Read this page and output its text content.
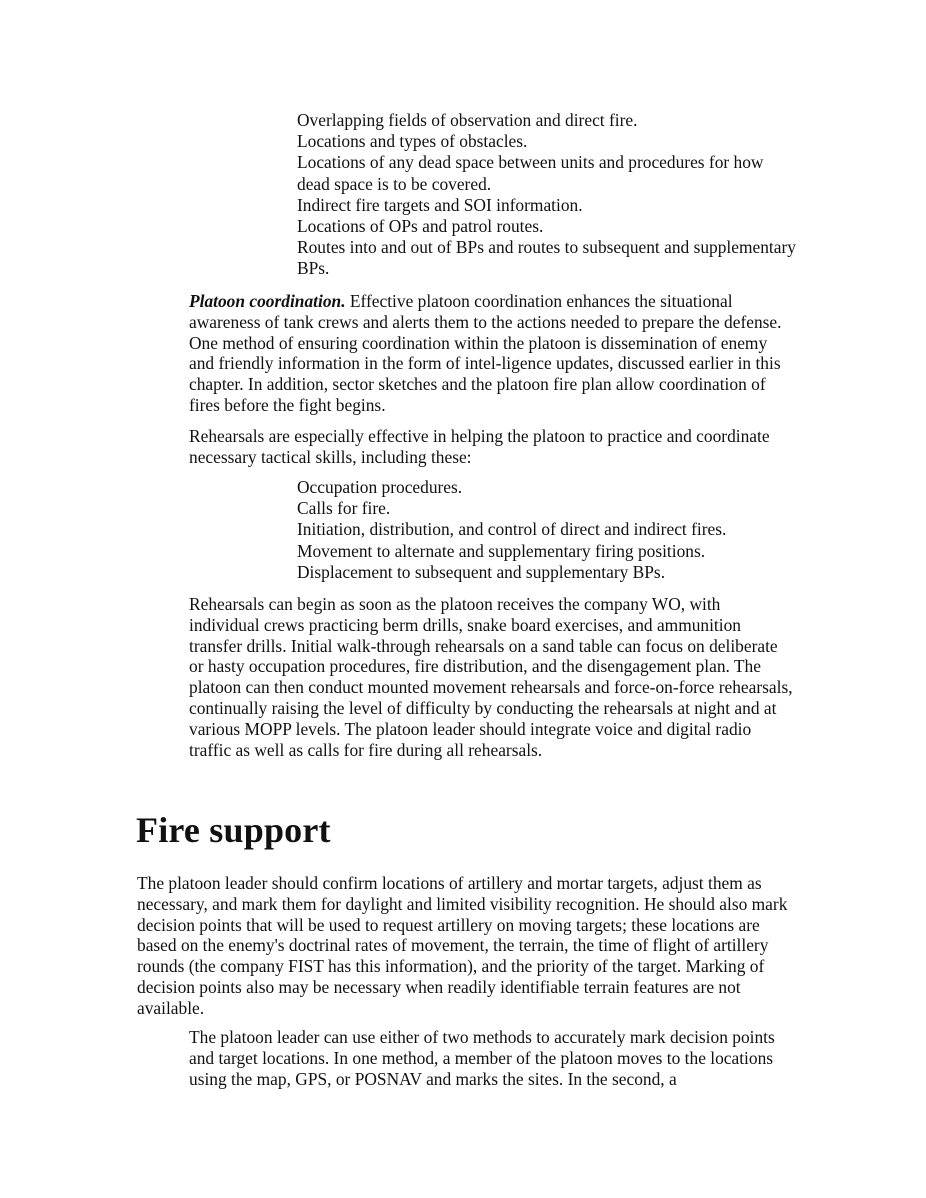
Overlapping fields of observation and direct fire.
Locations and types of obstacles.
Locations of any dead space between units and procedures for how dead space is to be covered.
Indirect fire targets and SOI information.
Locations of OPs and patrol routes.
Routes into and out of BPs and routes to subsequent and supplementary BPs.

Platoon coordination. Effective platoon coordination enhances the situational awareness of tank crews and alerts them to the actions needed to prepare the defense. One method of ensuring coordination within the platoon is dissemination of enemy and friendly information in the form of intel-ligence updates, discussed earlier in this chapter. In addition, sector sketches and the platoon fire plan allow coordination of fires before the fight begins.

Rehearsals are especially effective in helping the platoon to practice and coordinate necessary tactical skills, including these:

Occupation procedures.
Calls for fire.
Initiation, distribution, and control of direct and indirect fires.
Movement to alternate and supplementary firing positions.
Displacement to subsequent and supplementary BPs.

Rehearsals can begin as soon as the platoon receives the company WO, with individual crews practicing berm drills, snake board exercises, and ammunition transfer drills. Initial walk-through rehearsals on a sand table can focus on deliberate or hasty occupation procedures, fire distribution, and the disengagement plan. The platoon can then conduct mounted movement rehearsals and force-on-force rehearsals, continually raising the level of difficulty by conducting the rehearsals at night and at various MOPP levels. The platoon leader should integrate voice and digital radio traffic as well as calls for fire during all rehearsals.

Fire support

The platoon leader should confirm locations of artillery and mortar targets, adjust them as necessary, and mark them for daylight and limited visibility recognition. He should also mark decision points that will be used to request artillery on moving targets; these locations are based on the enemy's doctrinal rates of movement, the terrain, the time of flight of artillery rounds (the company FIST has this information), and the priority of the target. Marking of decision points also may be necessary when readily identifiable terrain features are not available.

The platoon leader can use either of two methods to accurately mark decision points and target locations. In one method, a member of the platoon moves to the locations using the map, GPS, or POSNAV and marks the sites. In the second, a
